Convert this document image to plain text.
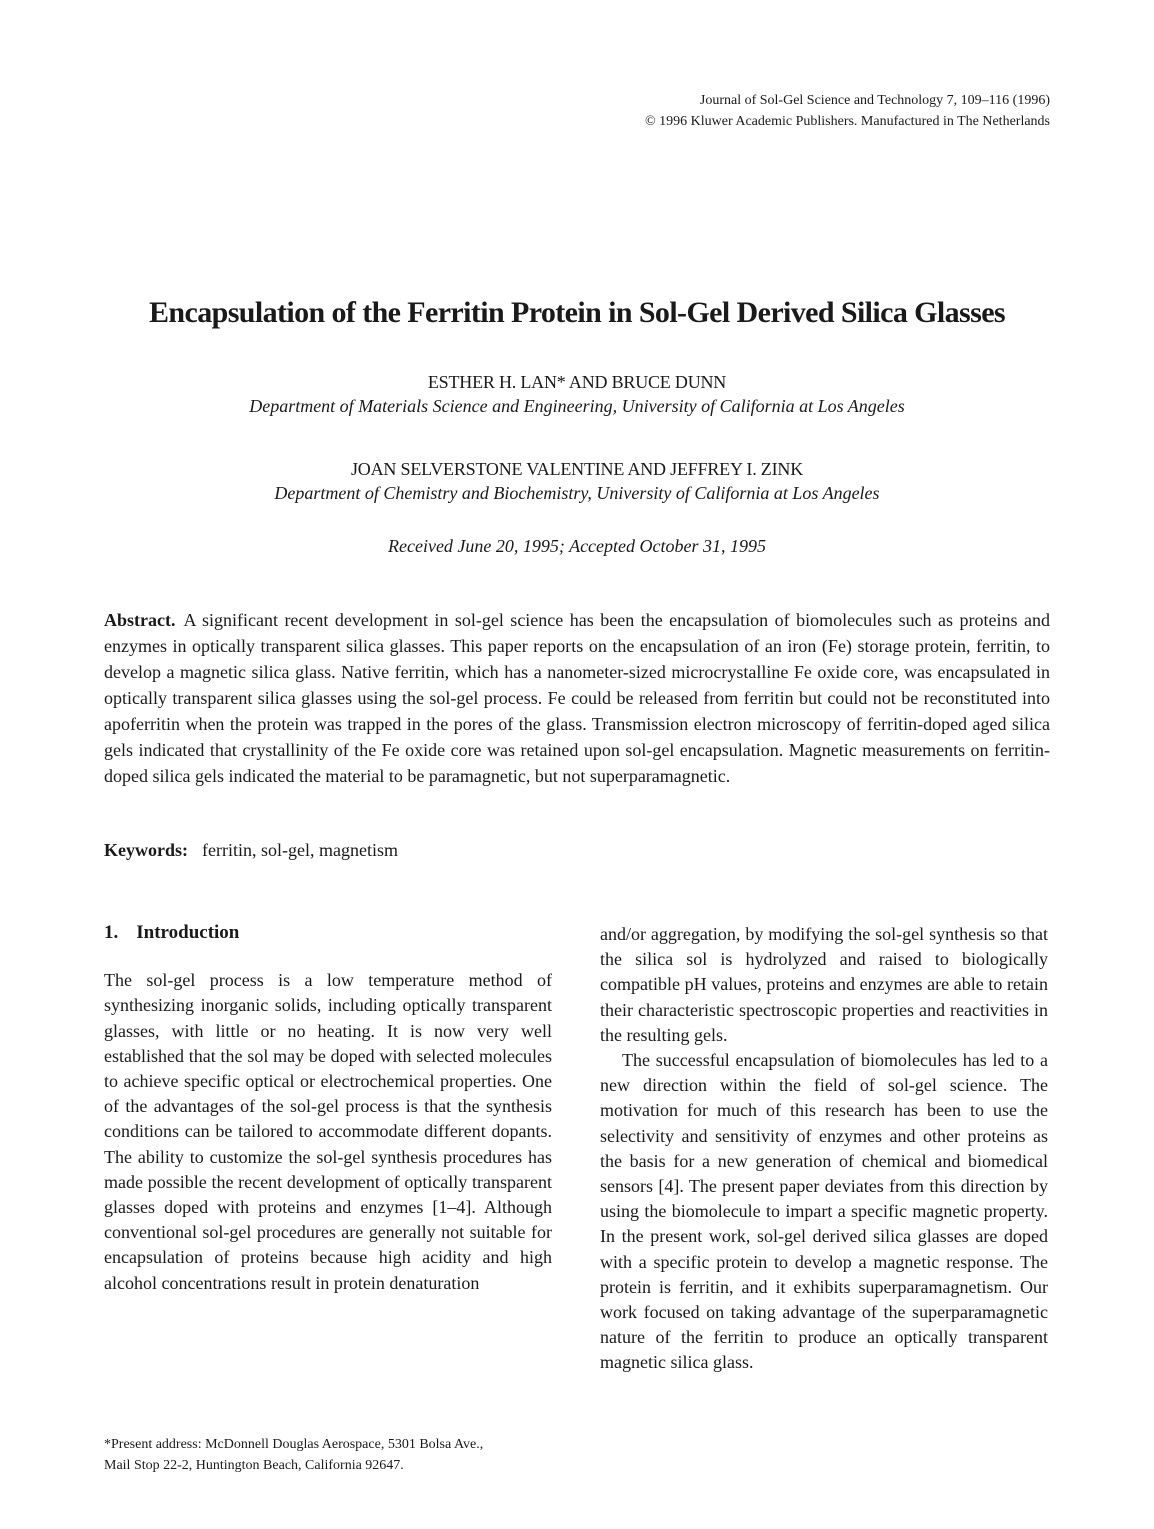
Journal of Sol-Gel Science and Technology 7, 109–116 (1996)
© 1996 Kluwer Academic Publishers. Manufactured in The Netherlands
Encapsulation of the Ferritin Protein in Sol-Gel Derived Silica Glasses
ESTHER H. LAN* AND BRUCE DUNN
Department of Materials Science and Engineering, University of California at Los Angeles
JOAN SELVERSTONE VALENTINE AND JEFFREY I. ZINK
Department of Chemistry and Biochemistry, University of California at Los Angeles
Received June 20, 1995; Accepted October 31, 1995

Abstract. A significant recent development in sol-gel science has been the encapsulation of biomolecules such as proteins and enzymes in optically transparent silica glasses. This paper reports on the encapsulation of an iron (Fe) storage protein, ferritin, to develop a magnetic silica glass. Native ferritin, which has a nanometer-sized microcrystalline Fe oxide core, was encapsulated in optically transparent silica glasses using the sol-gel process. Fe could be released from ferritin but could not be reconstituted into apoferritin when the protein was trapped in the pores of the glass. Transmission electron microscopy of ferritin-doped aged silica gels indicated that crystallinity of the Fe oxide core was retained upon sol-gel encapsulation. Magnetic measurements on ferritin-doped silica gels indicated the material to be paramagnetic, but not superparamagnetic.

Keywords: ferritin, sol-gel, magnetism

1. Introduction

The sol-gel process is a low temperature method of synthesizing inorganic solids, including optically transparent glasses, with little or no heating. It is now very well established that the sol may be doped with selected molecules to achieve specific optical or electrochemical properties. One of the advantages of the sol-gel process is that the synthesis conditions can be tailored to accommodate different dopants. The ability to customize the sol-gel synthesis procedures has made possible the recent development of optically transparent glasses doped with proteins and enzymes [1–4]. Although conventional sol-gel procedures are generally not suitable for encapsulation of proteins because high acidity and high alcohol concentrations result in protein denaturation

and/or aggregation, by modifying the sol-gel synthesis so that the silica sol is hydrolyzed and raised to biologically compatible pH values, proteins and enzymes are able to retain their characteristic spectroscopic properties and reactivities in the resulting gels.

The successful encapsulation of biomolecules has led to a new direction within the field of sol-gel science. The motivation for much of this research has been to use the selectivity and sensitivity of enzymes and other proteins as the basis for a new generation of chemical and biomedical sensors [4]. The present paper deviates from this direction by using the biomolecule to impart a specific magnetic property. In the present work, sol-gel derived silica glasses are doped with a specific protein to develop a magnetic response. The protein is ferritin, and it exhibits superparamagnetism. Our work focused on taking advantage of the superparamagnetic nature of the ferritin to produce an optically transparent magnetic silica glass.

*Present address: McDonnell Douglas Aerospace, 5301 Bolsa Ave.,
Mail Stop 22-2, Huntington Beach, California 92647.
